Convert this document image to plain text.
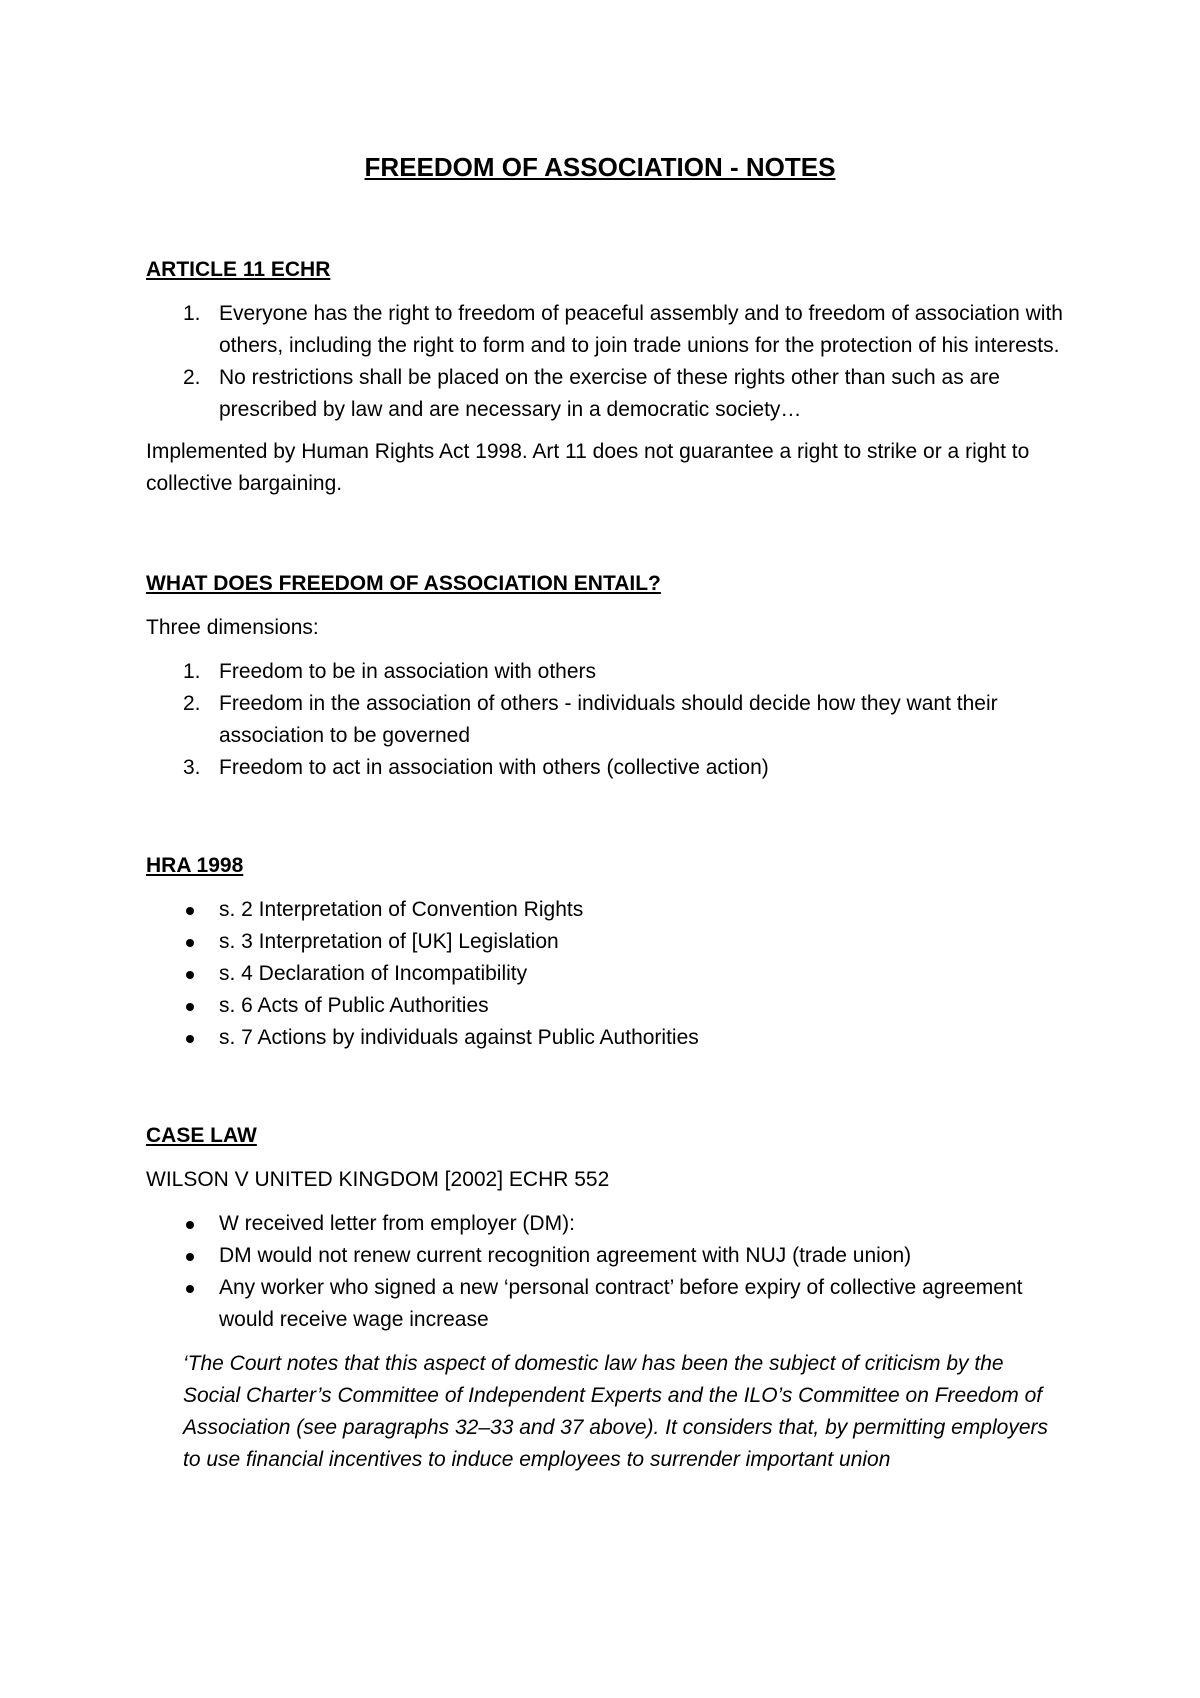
FREEDOM OF ASSOCIATION - NOTES
ARTICLE 11 ECHR
1. Everyone has the right to freedom of peaceful assembly and to freedom of association with others, including the right to form and to join trade unions for the protection of his interests.
2. No restrictions shall be placed on the exercise of these rights other than such as are prescribed by law and are necessary in a democratic society…

Implemented by Human Rights Act 1998. Art 11 does not guarantee a right to strike or a right to collective bargaining.

WHAT DOES FREEDOM OF ASSOCIATION ENTAIL?

Three dimensions:

1. Freedom to be in association with others
2. Freedom in the association of others - individuals should decide how they want their association to be governed
3. Freedom to act in association with others (collective action)
HRA 1998
s. 2 Interpretation of Convention Rights
s. 3 Interpretation of [UK] Legislation
s. 4 Declaration of Incompatibility
s. 6 Acts of Public Authorities
s. 7 Actions by individuals against Public Authorities
CASE LAW

WILSON V UNITED KINGDOM [2002] ECHR 552

W received letter from employer (DM):
DM would not renew current recognition agreement with NUJ (trade union)
Any worker who signed a new ‘personal contract’ before expiry of collective agreement would receive wage increase

‘The Court notes that this aspect of domestic law has been the subject of criticism by the Social Charter’s Committee of Independent Experts and the ILO’s Committee on Freedom of Association (see paragraphs 32–33 and 37 above). It considers that, by permitting employers to use financial incentives to induce employees to surrender important union
